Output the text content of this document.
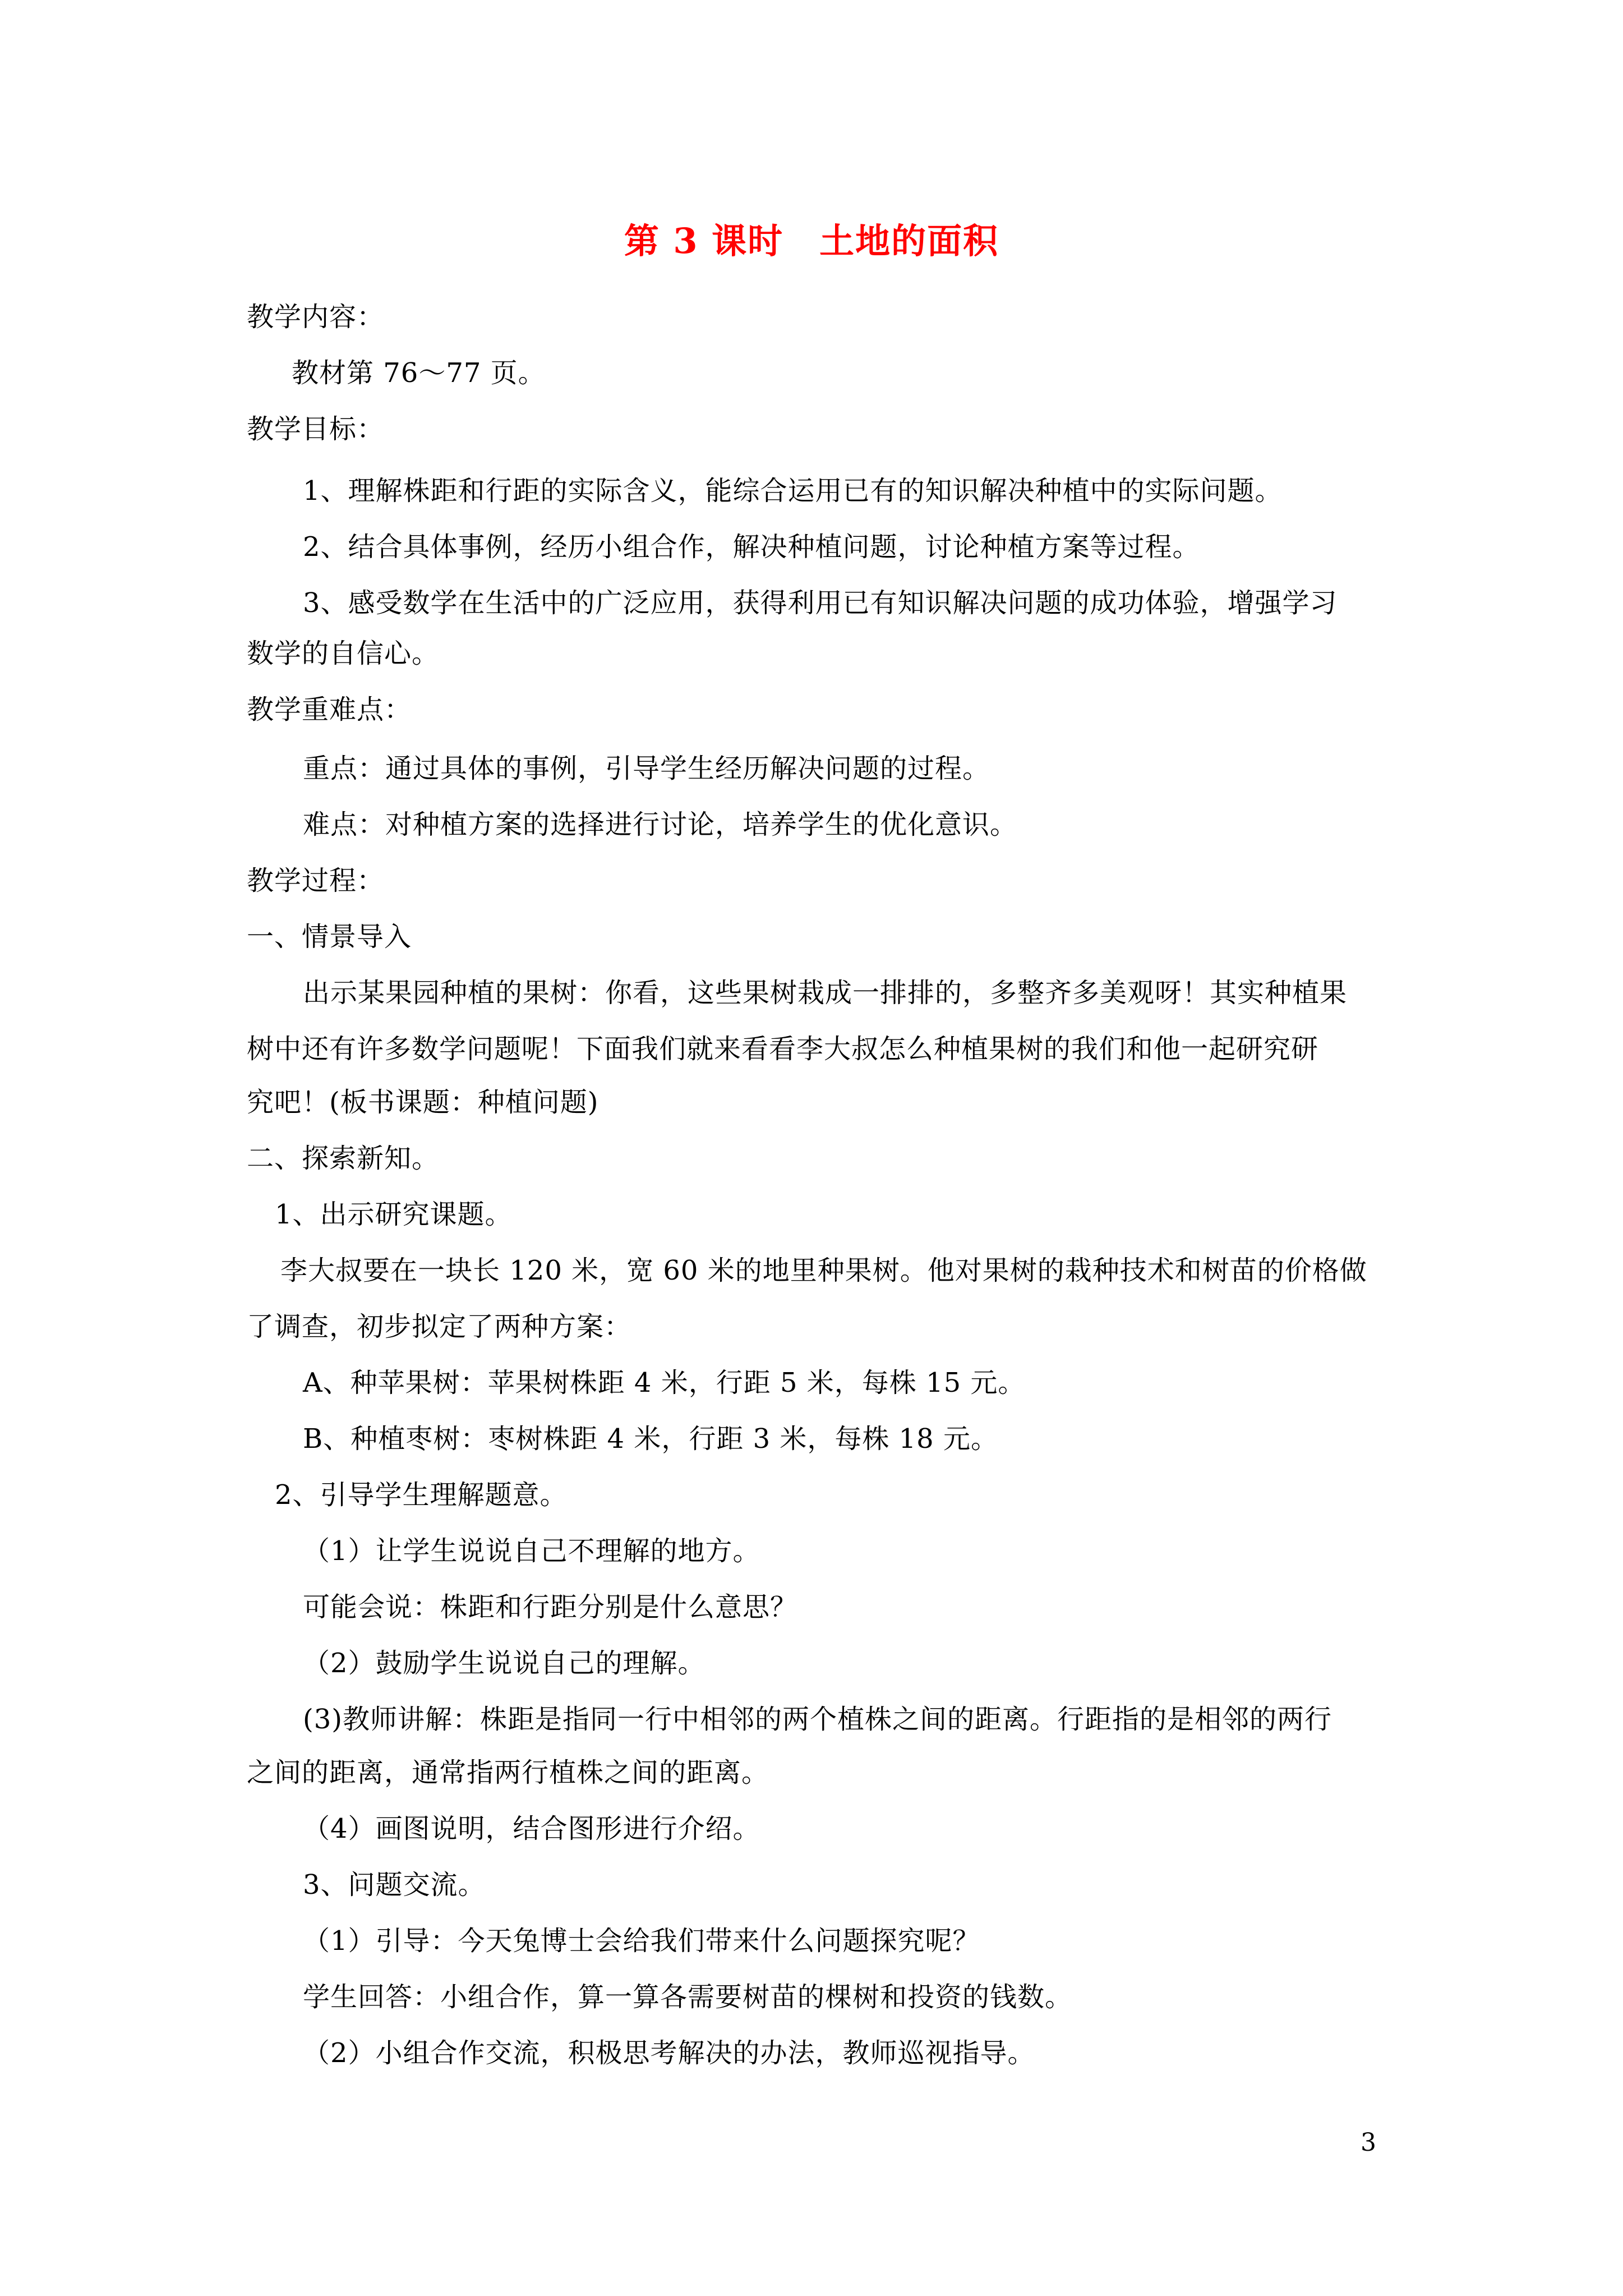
第 3 课时　土地的面积
教学内容：
教材第 76～77 页。
教学目标：
1、理解株距和行距的实际含义，能综合运用已有的知识解决种植中的实际问题。
2、结合具体事例，经历小组合作，解决种植问题，讨论种植方案等过程。
3、感受数学在生活中的广泛应用，获得利用已有知识解决问题的成功体验，增强学习
数学的自信心。
教学重难点：
重点：通过具体的事例，引导学生经历解决问题的过程。
难点：对种植方案的选择进行讨论，培养学生的优化意识。
教学过程：
一、情景导入
出示某果园种植的果树：你看，这些果树栽成一排排的，多整齐多美观呀！其实种植果
树中还有许多数学问题呢！下面我们就来看看李大叔怎么种植果树的我们和他一起研究研
究吧！(板书课题：种植问题)
二、探索新知。
1、出示研究课题。
李大叔要在一块长 120 米，宽 60 米的地里种果树。他对果树的栽种技术和树苗的价格做
了调查，初步拟定了两种方案：
A、种苹果树：苹果树株距 4 米，行距 5 米，每株 15 元。
B、种植枣树：枣树株距 4 米，行距 3 米，每株 18 元。
2、引导学生理解题意。
（1）让学生说说自己不理解的地方。
可能会说：株距和行距分别是什么意思？
（2）鼓励学生说说自己的理解。
(3)教师讲解：株距是指同一行中相邻的两个植株之间的距离。行距指的是相邻的两行
之间的距离，通常指两行植株之间的距离。
（4）画图说明，结合图形进行介绍。
3、问题交流。
（1）引导：今天兔博士会给我们带来什么问题探究呢？
学生回答：小组合作，算一算各需要树苗的棵树和投资的钱数。
（2）小组合作交流，积极思考解决的办法，教师巡视指导。
3
